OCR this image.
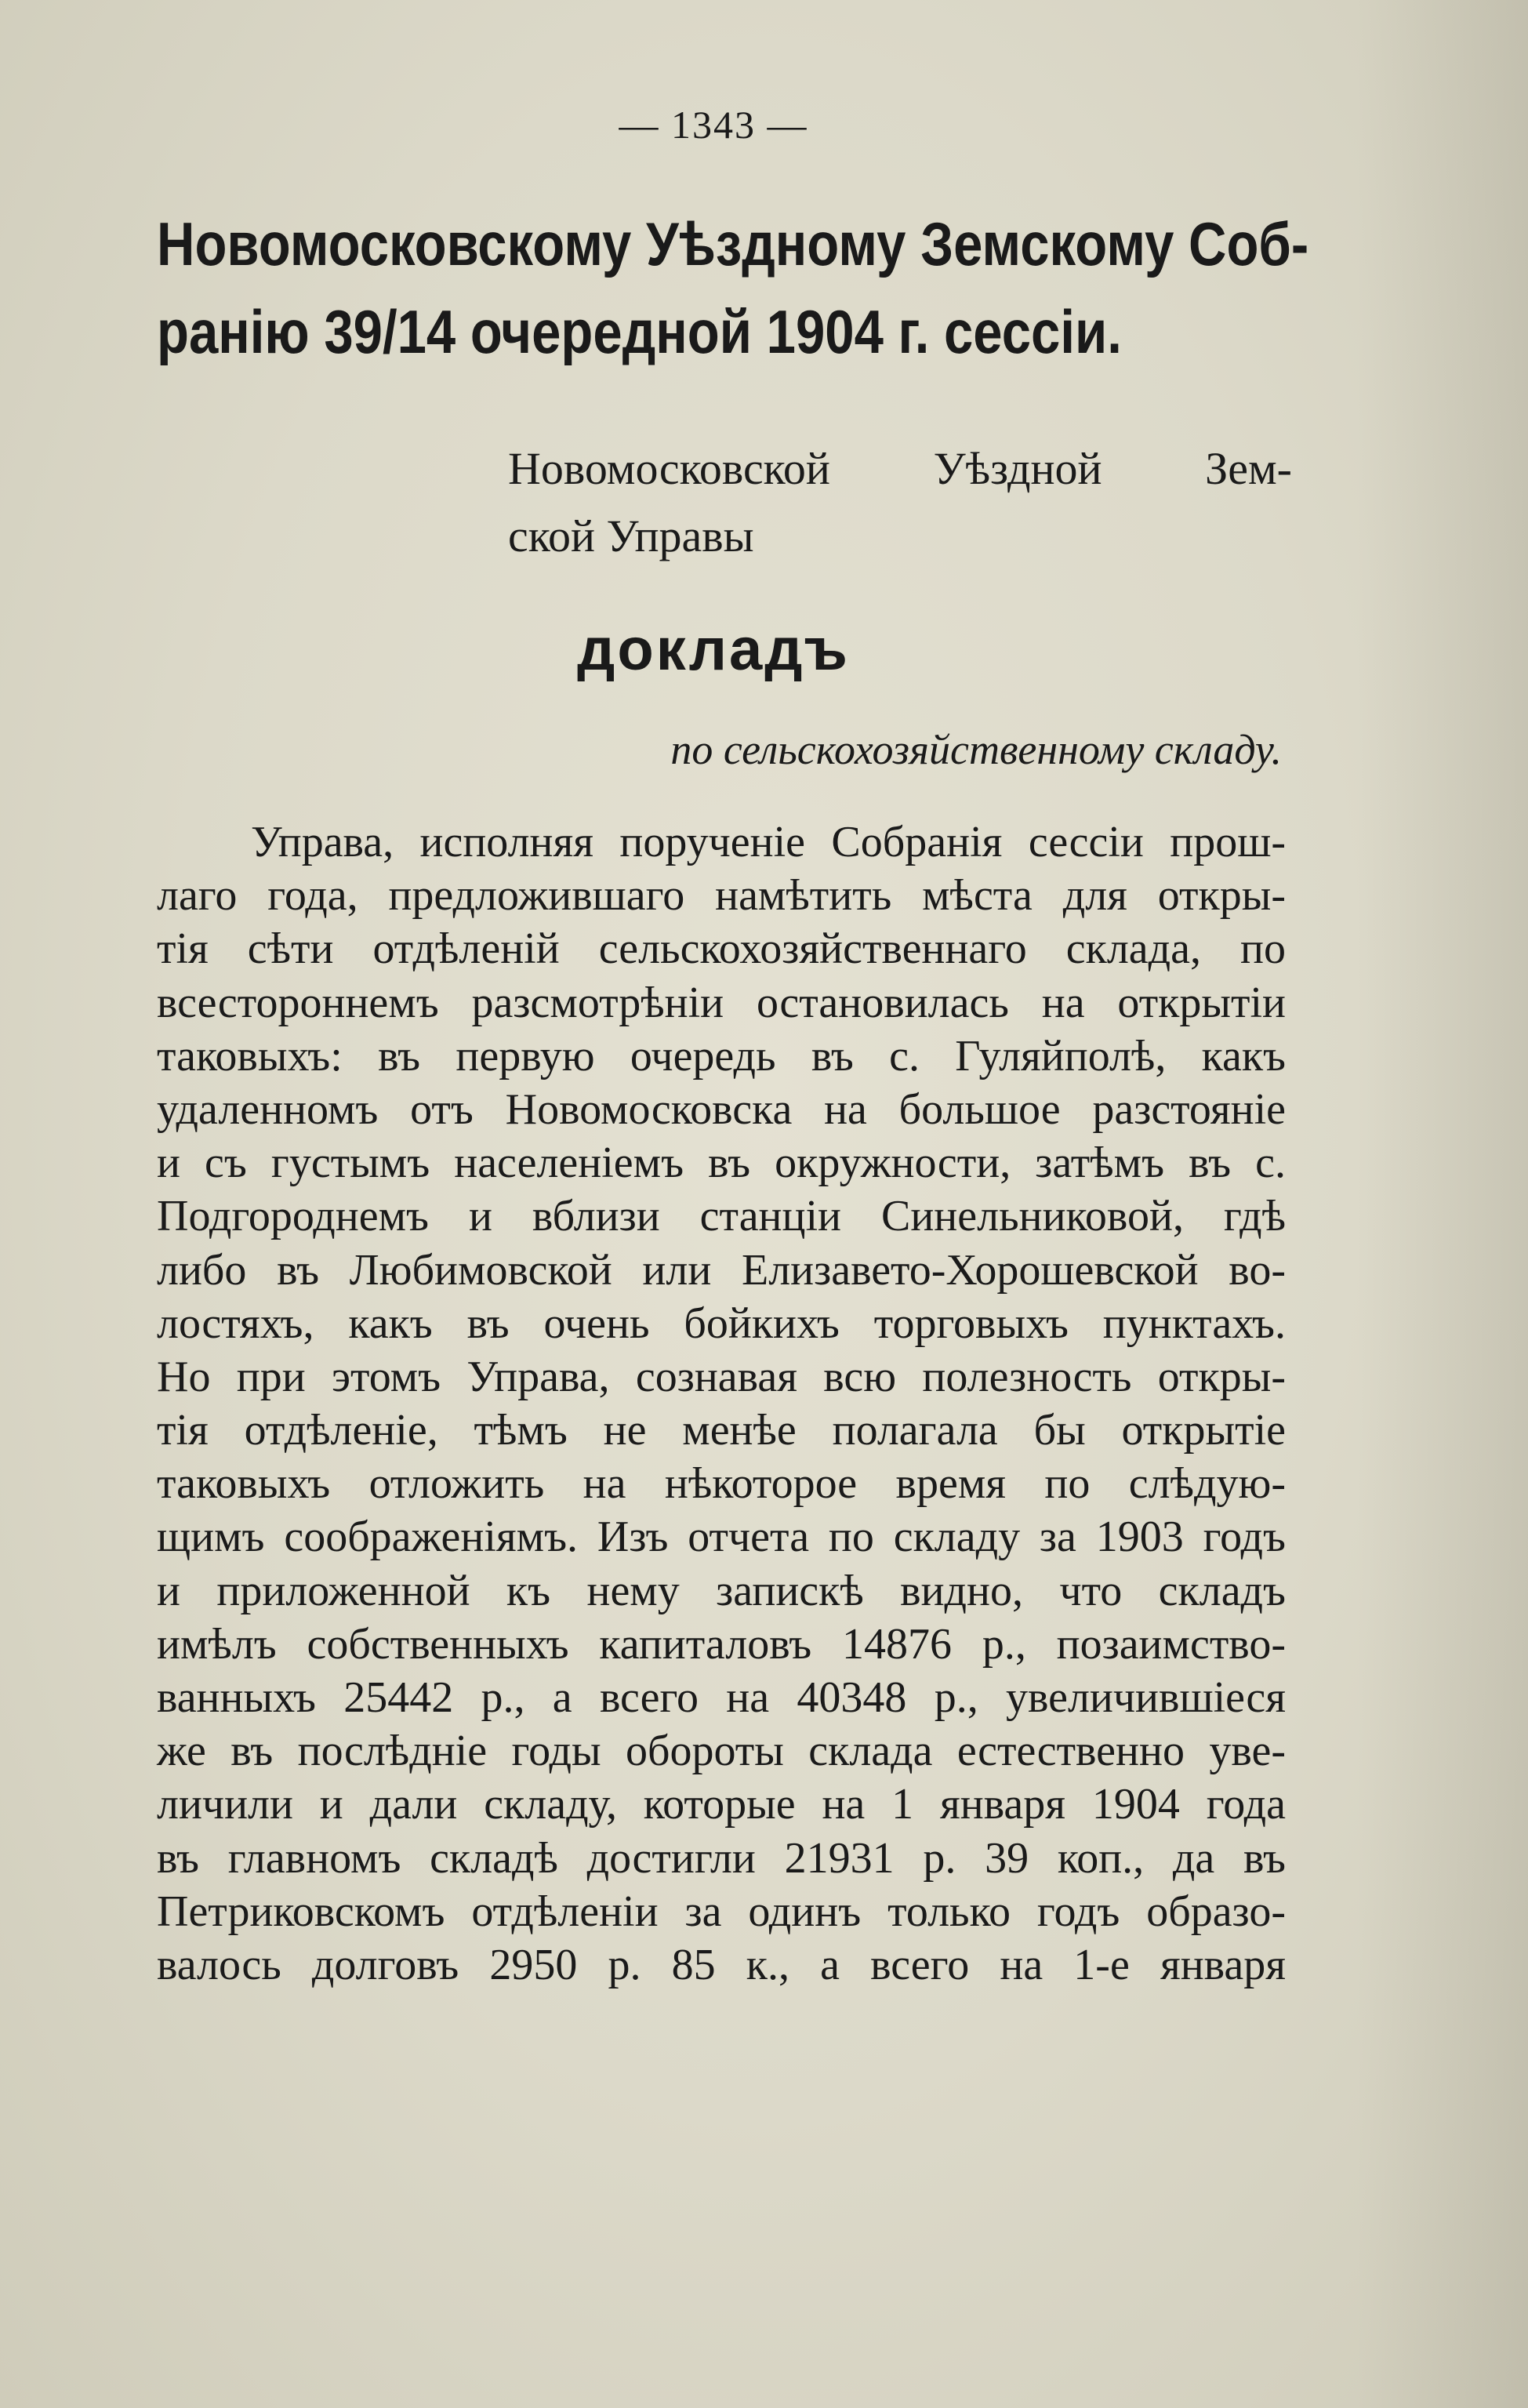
— 1343 —
Новомосковскому Уѣздному Земскому Соб-
ранію 39/14 очередной 1904 г. сессіи.
Новомосковской Уѣздной Зем-
ской Управы
докладъ
по сельскохозяйственному складу.
Управа, исполняя порученіе Собранія сессіи прош-
лаго года, предложившаго намѣтить мѣста для откры-
тія сѣти отдѣленій сельскохозяйственнаго склада, по
всестороннемъ разсмотрѣніи остановилась на открытіи
таковыхъ: въ первую очередь въ с. Гуляйполѣ, какъ
удаленномъ отъ Новомосковска на большое разстояніе
и съ густымъ населеніемъ въ окружности, затѣмъ въ с.
Подгороднемъ и вблизи станціи Синельниковой, гдѣ
либо въ Любимовской или Елизавето-Хорошевской во-
лостяхъ, какъ въ очень бойкихъ торговыхъ пунктахъ.
Но при этомъ Управа, сознавая всю полезность откры-
тія отдѣленіе, тѣмъ не менѣе полагала бы открытіе
таковыхъ отложить на нѣкоторое время по слѣдую-
щимъ соображеніямъ. Изъ отчета по складу за 1903 годъ
и приложенной къ нему запискѣ видно, что складъ
имѣлъ собственныхъ капиталовъ 14876 р., позаимство-
ванныхъ 25442 р., а всего на 40348 р., увеличившіеся
же въ послѣдніе годы обороты склада естественно уве-
личили и дали складу, которые на 1 января 1904 года
въ главномъ складѣ достигли 21931 р. 39 коп., да въ
Петриковскомъ отдѣленіи за одинъ только годъ образо-
валось долговъ 2950 р. 85 к., а всего на 1-е января
